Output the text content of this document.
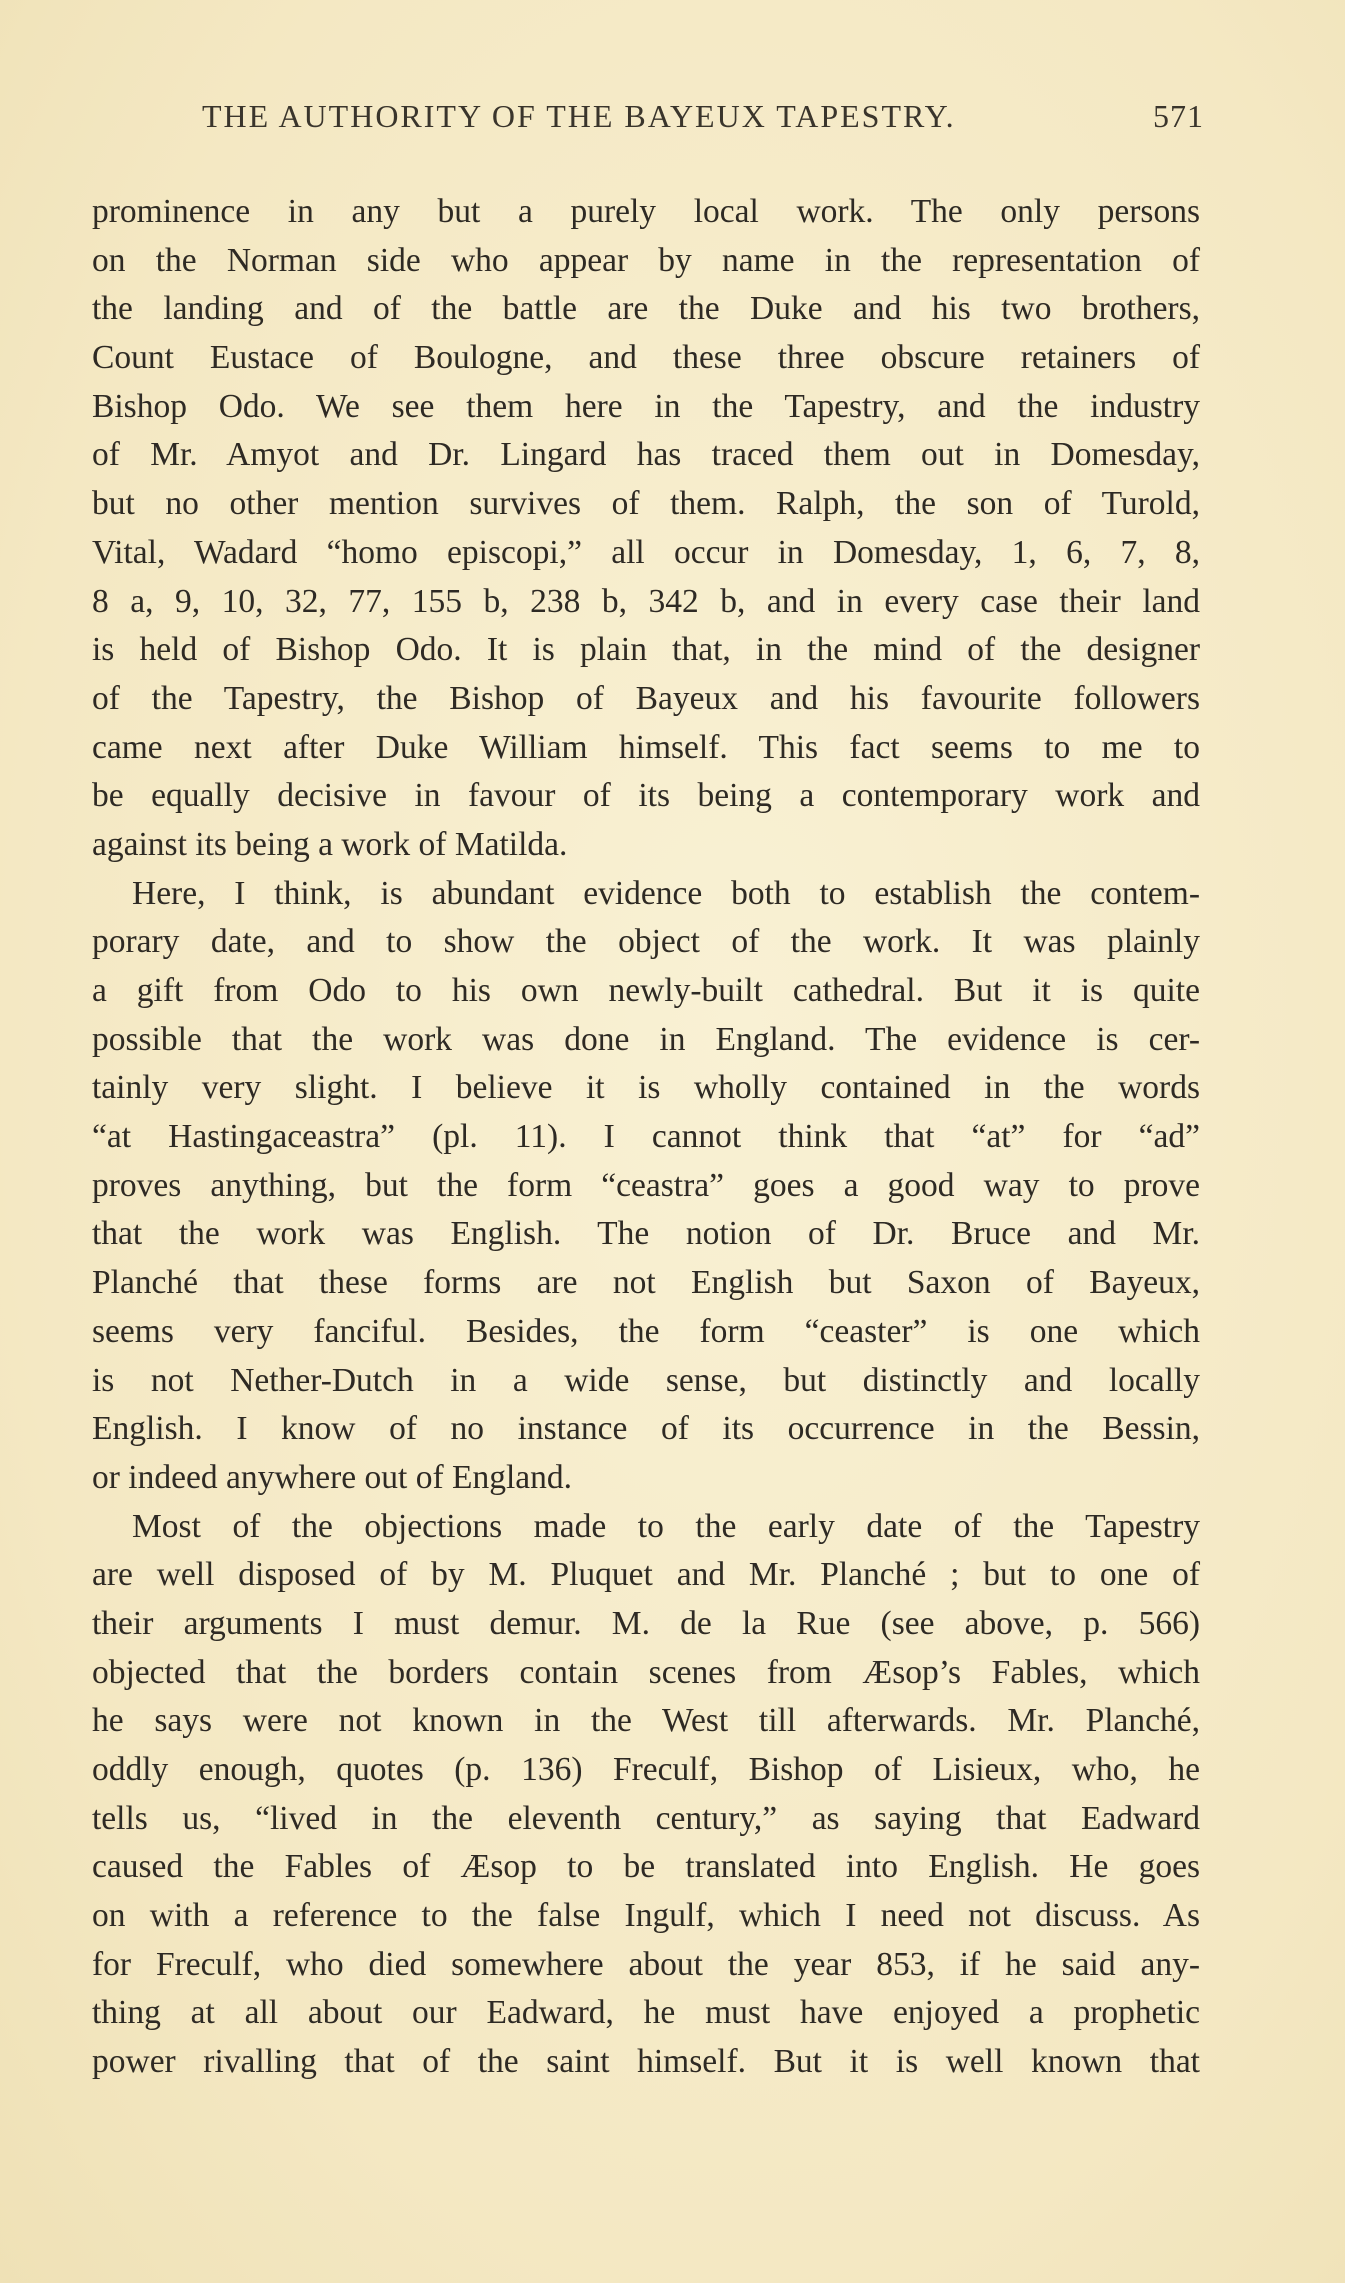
THE AUTHORITY OF THE BAYEUX TAPESTRY.	571
prominence in any but a purely local work. The only persons
on the Norman side who appear by name in the representation of
the landing and of the battle are the Duke and his two brothers,
Count Eustace of Boulogne, and these three obscure retainers of
Bishop Odo. We see them here in the Tapestry, and the industry
of Mr. Amyot and Dr. Lingard has traced them out in Domesday,
but no other mention survives of them. Ralph, the son of Turold,
Vital, Wadard “homo episcopi,” all occur in Domesday, 1, 6, 7, 8,
8 a, 9, 10, 32, 77, 155 b, 238 b, 342 b, and in every case their land
is held of Bishop Odo. It is plain that, in the mind of the designer
of the Tapestry, the Bishop of Bayeux and his favourite followers
came next after Duke William himself. This fact seems to me to
be equally decisive in favour of its being a contemporary work and
against its being a work of Matilda.
Here, I think, is abundant evidence both to establish the contem-
porary date, and to show the object of the work. It was plainly
a gift from Odo to his own newly-built cathedral. But it is quite
possible that the work was done in England. The evidence is cer-
tainly very slight. I believe it is wholly contained in the words
“at Hastingaceastra” (pl. 11). I cannot think that “at” for “ad”
proves anything, but the form “ceastra” goes a good way to prove
that the work was English. The notion of Dr. Bruce and Mr.
Planché that these forms are not English but Saxon of Bayeux,
seems very fanciful. Besides, the form “ceaster” is one which
is not Nether-Dutch in a wide sense, but distinctly and locally
English. I know of no instance of its occurrence in the Bessin,
or indeed anywhere out of England.
Most of the objections made to the early date of the Tapestry
are well disposed of by M. Pluquet and Mr. Planché ; but to one of
their arguments I must demur. M. de la Rue (see above, p. 566)
objected that the borders contain scenes from Æsop’s Fables, which
he says were not known in the West till afterwards. Mr. Planché,
oddly enough, quotes (p. 136) Freculf, Bishop of Lisieux, who, he
tells us, “lived in the eleventh century,” as saying that Eadward
caused the Fables of Æsop to be translated into English. He goes
on with a reference to the false Ingulf, which I need not discuss. As
for Freculf, who died somewhere about the year 853, if he said any-
thing at all about our Eadward, he must have enjoyed a prophetic
power rivalling that of the saint himself. But it is well known that
